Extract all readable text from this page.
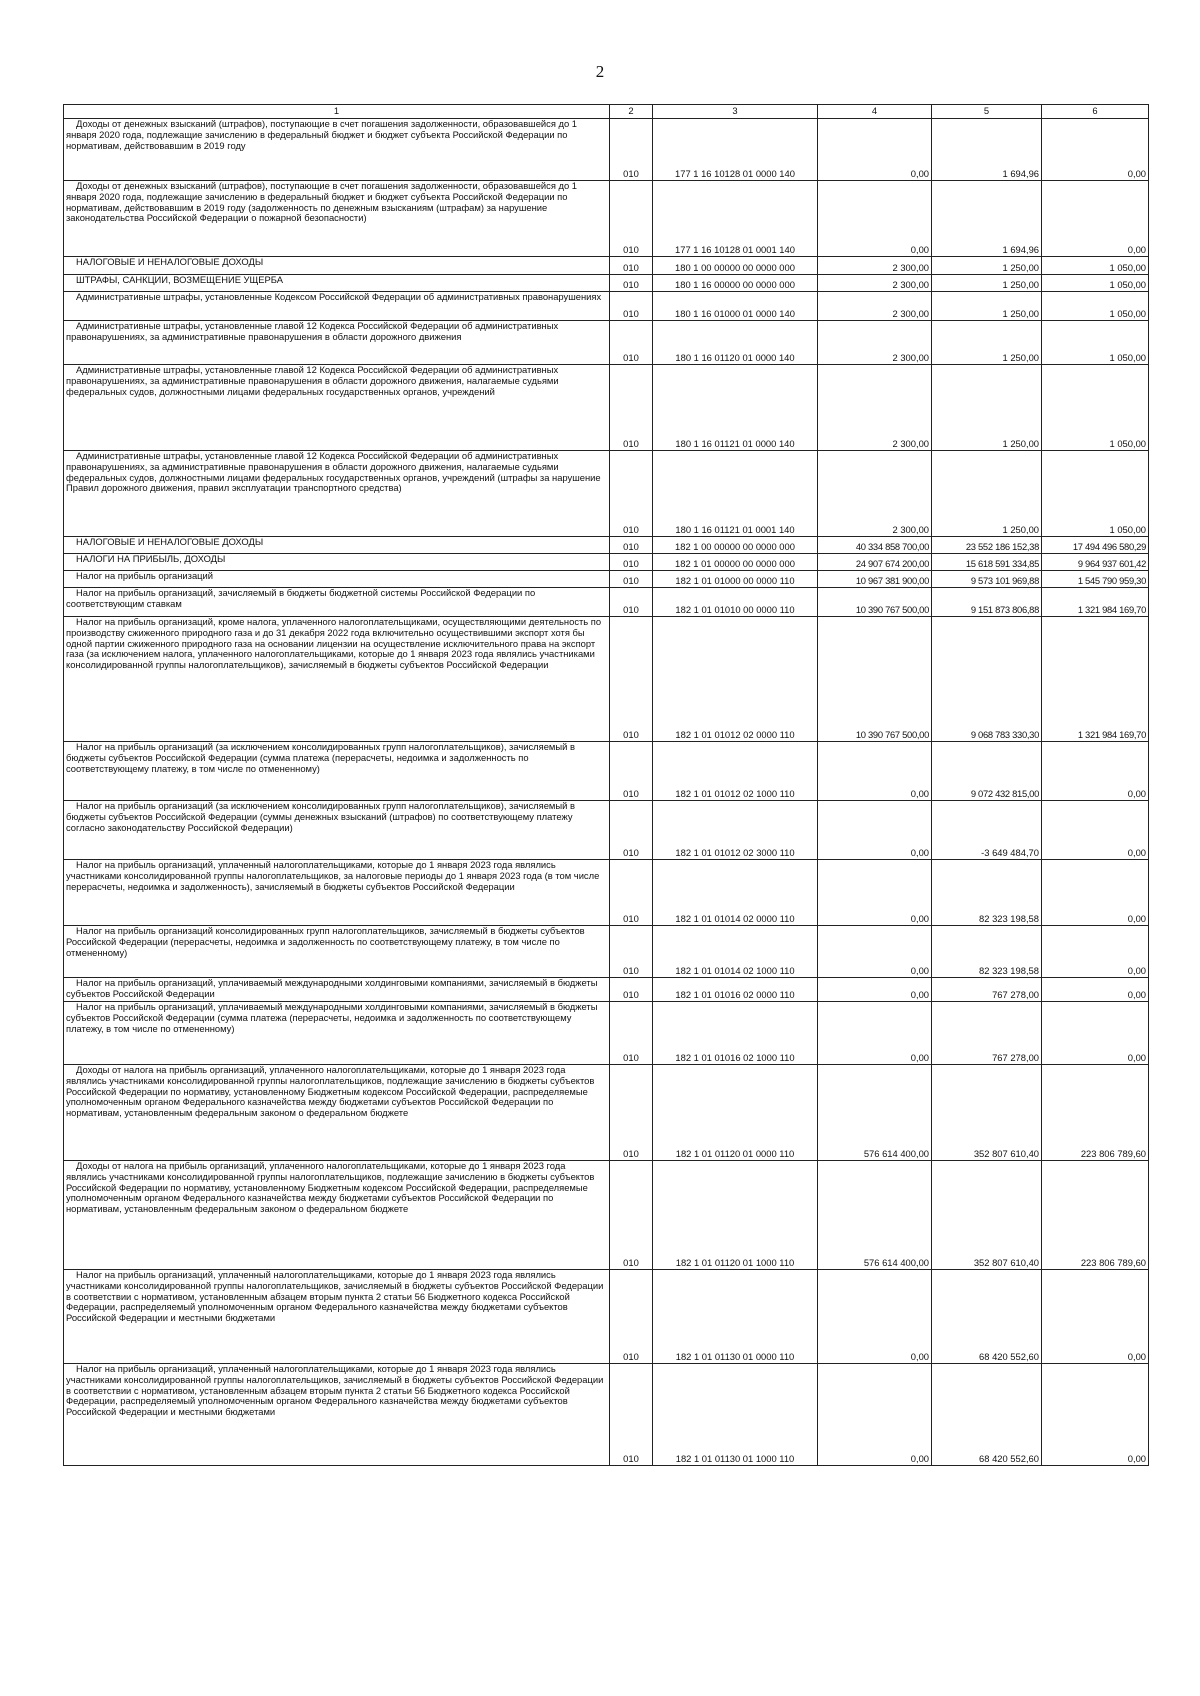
2
1	2	3	4	5	6

Доходы от денежных взысканий (штрафов), поступающие в счет погашения задолженности, образовавшейся до 1 января 2020 года, подлежащие зачислению в федеральный бюджет и бюджет субъекта Российской Федерации по нормативам, действовавшим в 2019 году	010	177 1 16 10128 01 0000 140	0,00	1 694,96	0,00

Доходы от денежных взысканий (штрафов), поступающие в счет погашения задолженности, образовавшейся до 1 января 2020 года, подлежащие зачислению в федеральный бюджет и бюджет субъекта Российской Федерации по нормативам, действовавшим в 2019 году (задолженность по денежным взысканиям (штрафам) за нарушение законодательства Российской Федерации о пожарной безопасности)	010	177 1 16 10128 01 0001 140	0,00	1 694,96	0,00

НАЛОГОВЫЕ И НЕНАЛОГОВЫЕ ДОХОДЫ	010	180 1 00 00000 00 0000 000	2 300,00	1 250,00	1 050,00

ШТРАФЫ, САНКЦИИ, ВОЗМЕЩЕНИЕ УЩЕРБА	010	180 1 16 00000 00 0000 000	2 300,00	1 250,00	1 050,00

Административные штрафы, установленные Кодексом Российской Федерации об административных правонарушениях	010	180 1 16 01000 01 0000 140	2 300,00	1 250,00	1 050,00

Административные штрафы, установленные главой 12 Кодекса Российской Федерации об административных правонарушениях, за административные правонарушения в области дорожного движения	010	180 1 16 01120 01 0000 140	2 300,00	1 250,00	1 050,00

Административные штрафы, установленные главой 12 Кодекса Российской Федерации об административных правонарушениях, за административные правонарушения в области дорожного движения, налагаемые судьями федеральных судов, должностными лицами федеральных государственных органов, учреждений	010	180 1 16 01121 01 0000 140	2 300,00	1 250,00	1 050,00

Административные штрафы, установленные главой 12 Кодекса Российской Федерации об административных правонарушениях, за административные правонарушения в области дорожного движения, налагаемые судьями федеральных судов, должностными лицами федеральных государственных органов, учреждений (штрафы за нарушение Правил дорожного движения, правил эксплуатации транспортного средства)	010	180 1 16 01121 01 0001 140	2 300,00	1 250,00	1 050,00

НАЛОГОВЫЕ И НЕНАЛОГОВЫЕ ДОХОДЫ	010	182 1 00 00000 00 0000 000	40 334 858 700,00	23 552 186 152,38	17 494 496 580,29

НАЛОГИ НА ПРИБЫЛЬ, ДОХОДЫ	010	182 1 01 00000 00 0000 000	24 907 674 200,00	15 618 591 334,85	9 964 937 601,42

Налог на прибыль организаций	010	182 1 01 01000 00 0000 110	10 967 381 900,00	9 573 101 969,88	1 545 790 959,30

Налог на прибыль организаций, зачисляемый в бюджеты бюджетной системы Российской Федерации по соответствующим ставкам	010	182 1 01 01010 00 0000 110	10 390 767 500,00	9 151 873 806,88	1 321 984 169,70

Налог на прибыль организаций, кроме налога, уплаченного налогоплательщиками, осуществляющими деятельность по производству сжиженного природного газа и до 31 декабря 2022 года включительно осуществившими экспорт хотя бы одной партии сжиженного природного газа на основании лицензии на осуществление исключительного права на экспорт газа (за исключением налога, уплаченного налогоплательщиками, которые до 1 января 2023 года являлись участниками консолидированной группы налогоплательщиков), зачисляемый в бюджеты субъектов Российской Федерации	010	182 1 01 01012 02 0000 110	10 390 767 500,00	9 068 783 330,30	1 321 984 169,70

Налог на прибыль организаций (за исключением консолидированных групп налогоплательщиков), зачисляемый в бюджеты субъектов Российской Федерации (сумма платежа (перерасчеты, недоимка и задолженность по соответствующему платежу, в том числе по отмененному)	010	182 1 01 01012 02 1000 110	0,00	9 072 432 815,00	0,00

Налог на прибыль организаций (за исключением консолидированных групп налогоплательщиков), зачисляемый в бюджеты субъектов Российской Федерации (суммы денежных взысканий (штрафов) по соответствующему платежу согласно законодательству Российской Федерации)	010	182 1 01 01012 02 3000 110	0,00	-3 649 484,70	0,00

Налог на прибыль организаций, уплаченный налогоплательщиками, которые до 1 января 2023 года являлись участниками консолидированной группы налогоплательщиков, за налоговые периоды до 1 января 2023 года (в том числе перерасчеты, недоимка и задолженность), зачисляемый в бюджеты субъектов Российской Федерации	010	182 1 01 01014 02 0000 110	0,00	82 323 198,58	0,00

Налог на прибыль организаций консолидированных групп налогоплательщиков, зачисляемый в бюджеты субъектов Российской Федерации (перерасчеты, недоимка и задолженность по соответствующему платежу, в том числе по отмененному)	010	182 1 01 01014 02 1000 110	0,00	82 323 198,58	0,00

Налог на прибыль организаций, уплачиваемый международными холдинговыми компаниями, зачисляемый в бюджеты субъектов Российской Федерации	010	182 1 01 01016 02 0000 110	0,00	767 278,00	0,00

Налог на прибыль организаций, уплачиваемый международными холдинговыми компаниями, зачисляемый в бюджеты субъектов Российской Федерации (сумма платежа (перерасчеты, недоимка и задолженность по соответствующему платежу, в том числе по отмененному)	010	182 1 01 01016 02 1000 110	0,00	767 278,00	0,00

Доходы от налога на прибыль организаций, уплаченного налогоплательщиками, которые до 1 января 2023 года являлись участниками консолидированной группы налогоплательщиков, подлежащие зачислению в бюджеты субъектов Российской Федерации по нормативу, установленному Бюджетным кодексом Российской Федерации, распределяемые уполномоченным органом Федерального казначейства между бюджетами субъектов Российской Федерации по нормативам, установленным федеральным законом о федеральном бюджете	010	182 1 01 01120 01 0000 110	576 614 400,00	352 807 610,40	223 806 789,60

Доходы от налога на прибыль организаций, уплаченного налогоплательщиками, которые до 1 января 2023 года являлись участниками консолидированной группы налогоплательщиков, подлежащие зачислению в бюджеты субъектов Российской Федерации по нормативу, установленному Бюджетным кодексом Российской Федерации, распределяемые уполномоченным органом Федерального казначейства между бюджетами субъектов Российской Федерации по нормативам, установленным федеральным законом о федеральном бюджете	010	182 1 01 01120 01 1000 110	576 614 400,00	352 807 610,40	223 806 789,60

Налог на прибыль организаций, уплаченный налогоплательщиками, которые до 1 января 2023 года являлись участниками консолидированной группы налогоплательщиков, зачисляемый в бюджеты субъектов Российской Федерации в соответствии с нормативом, установленным абзацем вторым пункта 2 статьи 56 Бюджетного кодекса Российской Федерации, распределяемый уполномоченным органом Федерального казначейства между бюджетами субъектов Российской Федерации и местными бюджетами	010	182 1 01 01130 01 0000 110	0,00	68 420 552,60	0,00

Налог на прибыль организаций, уплаченный налогоплательщиками, которые до 1 января 2023 года являлись участниками консолидированной группы налогоплательщиков, зачисляемый в бюджеты субъектов Российской Федерации в соответствии с нормативом, установленным абзацем вторым пункта 2 статьи 56 Бюджетного кодекса Российской Федерации, распределяемый уполномоченным органом Федерального казначейства между бюджетами субъектов Российской Федерации и местными бюджетами	010	182 1 01 01130 01 1000 110	0,00	68 420 552,60	0,00
